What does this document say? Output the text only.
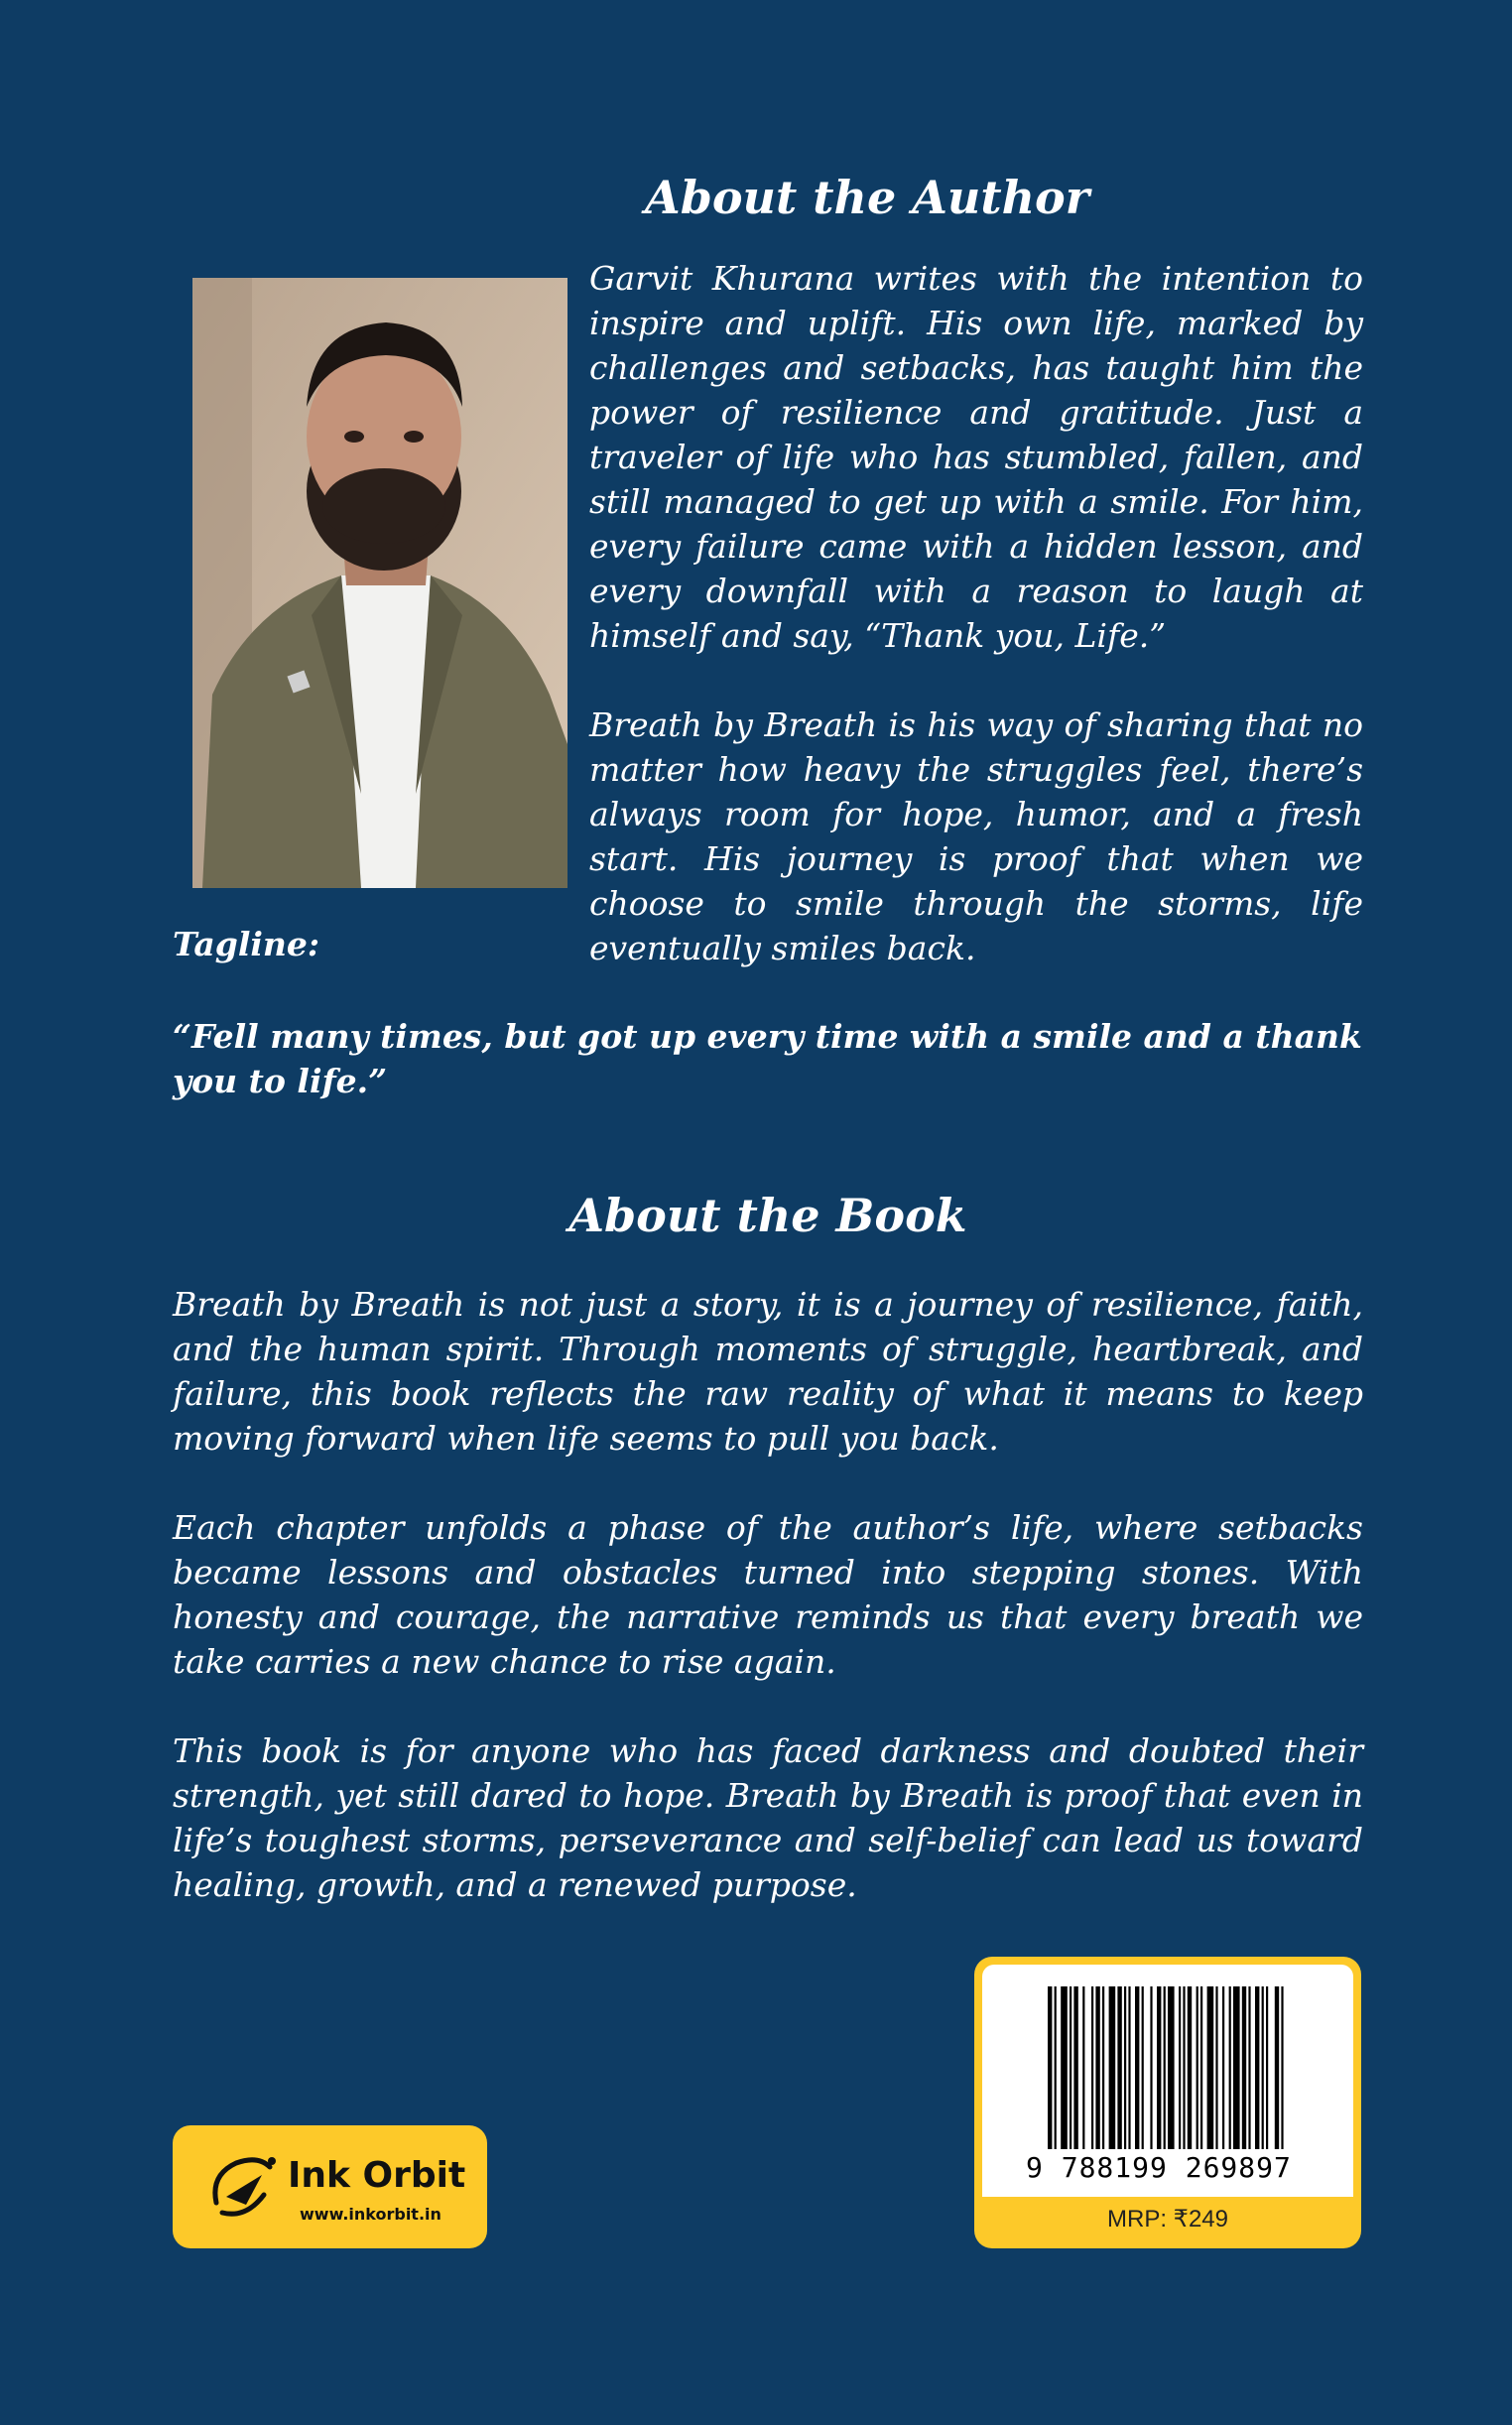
About the Author

Garvit Khurana writes with the intention to inspire and uplift. His own life, marked by challenges and setbacks, has taught him the power of resilience and gratitude. Just a traveler of life who has stumbled, fallen, and still managed to get up with a smile. For him, every failure came with a hidden lesson, and every downfall with a reason to laugh at himself and say, “Thank you, Life.”

Breath by Breath is his way of sharing that no matter how heavy the struggles feel, there’s always room for hope, humor, and a fresh start. His journey is proof that when we choose to smile through the storms, life eventually smiles back.

Tagline:
“Fell many times, but got up every time with a smile and a thank you to life.”
About the Book

Breath by Breath is not just a story, it is a journey of resilience, faith, and the human spirit. Through moments of struggle, heartbreak, and failure, this book reflects the raw reality of what it means to keep moving forward when life seems to pull you back.

Each chapter unfolds a phase of the author’s life, where setbacks became lessons and obstacles turned into stepping stones. With honesty and courage, the narrative reminds us that every breath we take carries a new chance to rise again.

This book is for anyone who has faced darkness and doubted their strength, yet still dared to hope. Breath by Breath is proof that even in life’s toughest storms, perseverance and self-belief can lead us toward healing, growth, and a renewed purpose.

Ink Orbit
www.inkorbit.in
9 788199 269897
MRP: ₹249
